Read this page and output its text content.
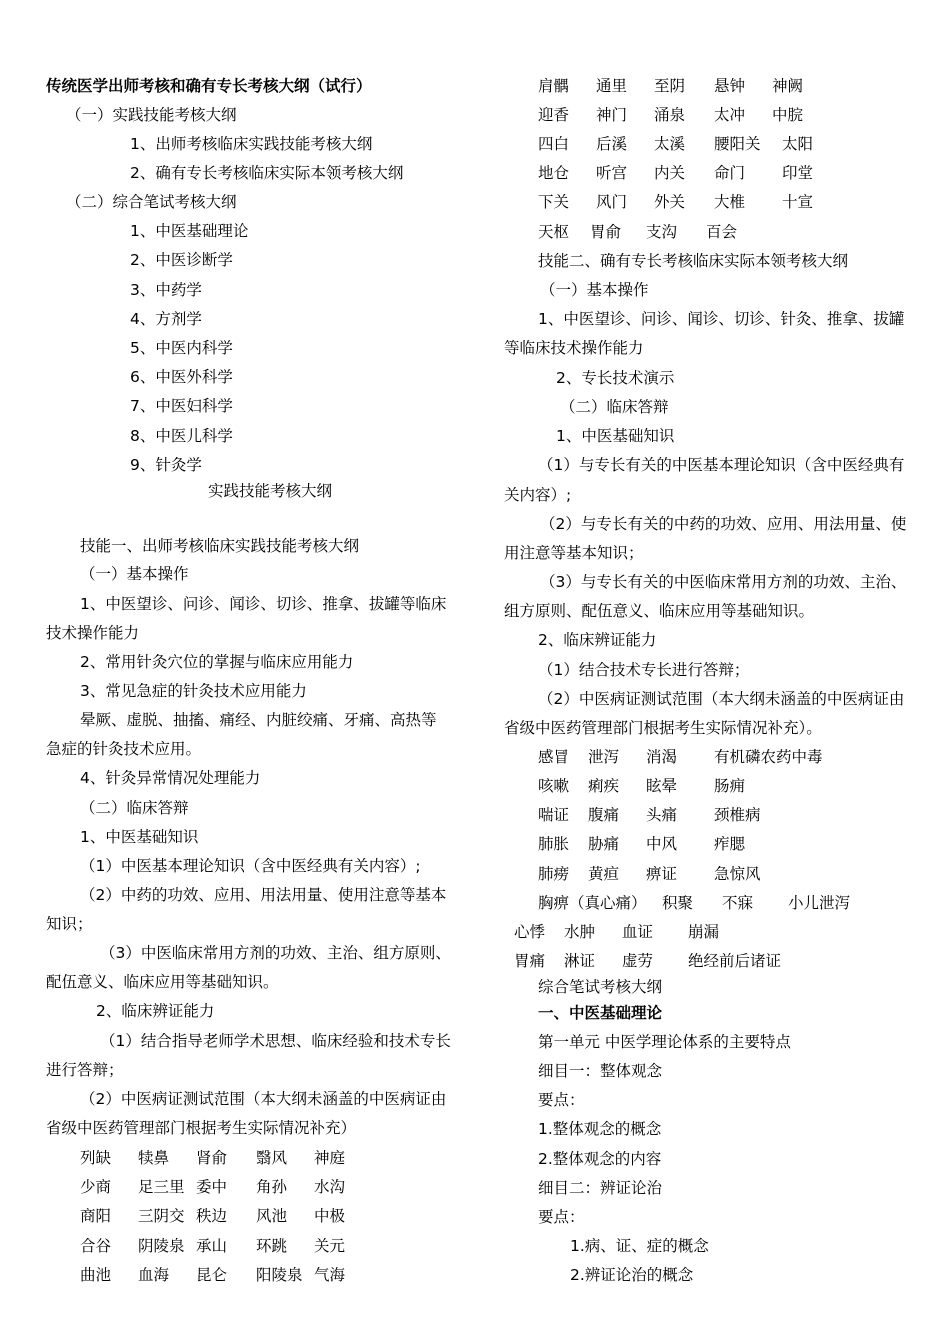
传统医学出师考核和确有专长考核大纲（试行）
（一）实践技能考核大纲
1、出师考核临床实践技能考核大纲
2、确有专长考核临床实际本领考核大纲
（二）综合笔试考核大纲
1、中医基础理论
2、中医诊断学
3、中药学
4、方剂学
5、中医内科学
6、中医外科学
7、中医妇科学
8、中医儿科学
9、针灸学
实践技能考核大纲
技能一、出师考核临床实践技能考核大纲
（一）基本操作
1、中医望诊、问诊、闻诊、切诊、推拿、拔罐等临床
技术操作能力
2、常用针灸穴位的掌握与临床应用能力
3、常见急症的针灸技术应用能力
晕厥、虚脱、抽搐、痛经、内脏绞痛、牙痛、高热等
急症的针灸技术应用。
4、针灸异常情况处理能力
（二）临床答辩
1、中医基础知识
（1）中医基本理论知识（含中医经典有关内容）;
（2）中药的功效、应用、用法用量、使用注意等基本
知识；
（3）中医临床常用方剂的功效、主治、组方原则、
配伍意义、临床应用等基础知识。
2、临床辨证能力
（1）结合指导老师学术思想、临床经验和技术专长
进行答辩；
（2）中医病证测试范围（本大纲未涵盖的中医病证由
省级中医药管理部门根据考生实际情况补充）
列缺 犊鼻 肾俞 翳风 神庭
少商 足三里 委中 角孙 水沟
商阳 三阴交 秩边 风池 中极
合谷 阴陵泉 承山 环跳 关元
曲池 血海 昆仑 阳陵泉 气海
肩髃 通里 至阴 悬钟 神阙
迎香 神门 涌泉 太冲 中脘
四白 后溪 太溪 腰阳关 太阳
地仓 听宫 内关 命门 印堂
下关 风门 外关 大椎 十宣
天枢 胃俞 支沟 百会
技能二、确有专长考核临床实际本领考核大纲
（一）基本操作
1、中医望诊、问诊、闻诊、切诊、针灸、推拿、拔罐
等临床技术操作能力
2、专长技术演示
（二）临床答辩
1、中医基础知识
（1）与专长有关的中医基本理论知识（含中医经典有
关内容）;
（2）与专长有关的中药的功效、应用、用法用量、使
用注意等基本知识；
（3）与专长有关的中医临床常用方剂的功效、主治、
组方原则、配伍意义、临床应用等基础知识。
2、临床辨证能力
（1）结合技术专长进行答辩；
（2）中医病证测试范围（本大纲未涵盖的中医病证由
省级中医药管理部门根据考生实际情况补充）。
感冒 泄泻 消渴 有机磷农药中毒
咳嗽 痢疾 眩晕 肠痈
喘证 腹痛 头痛 颈椎病
肺胀 胁痛 中风 痄腮
肺痨 黄疸 痹证 急惊风
胸痹（真心痛） 积聚 不寐 小儿泄泻
心悸 水肿 血证 崩漏
胃痛 淋证 虚劳 绝经前后诸证
综合笔试考核大纲
一、中医基础理论
第一单元 中医学理论体系的主要特点
细目一：整体观念
要点：
1.整体观念的概念
2.整体观念的内容
细目二：辨证论治
要点：
1.病、证、症的概念
2.辨证论治的概念
